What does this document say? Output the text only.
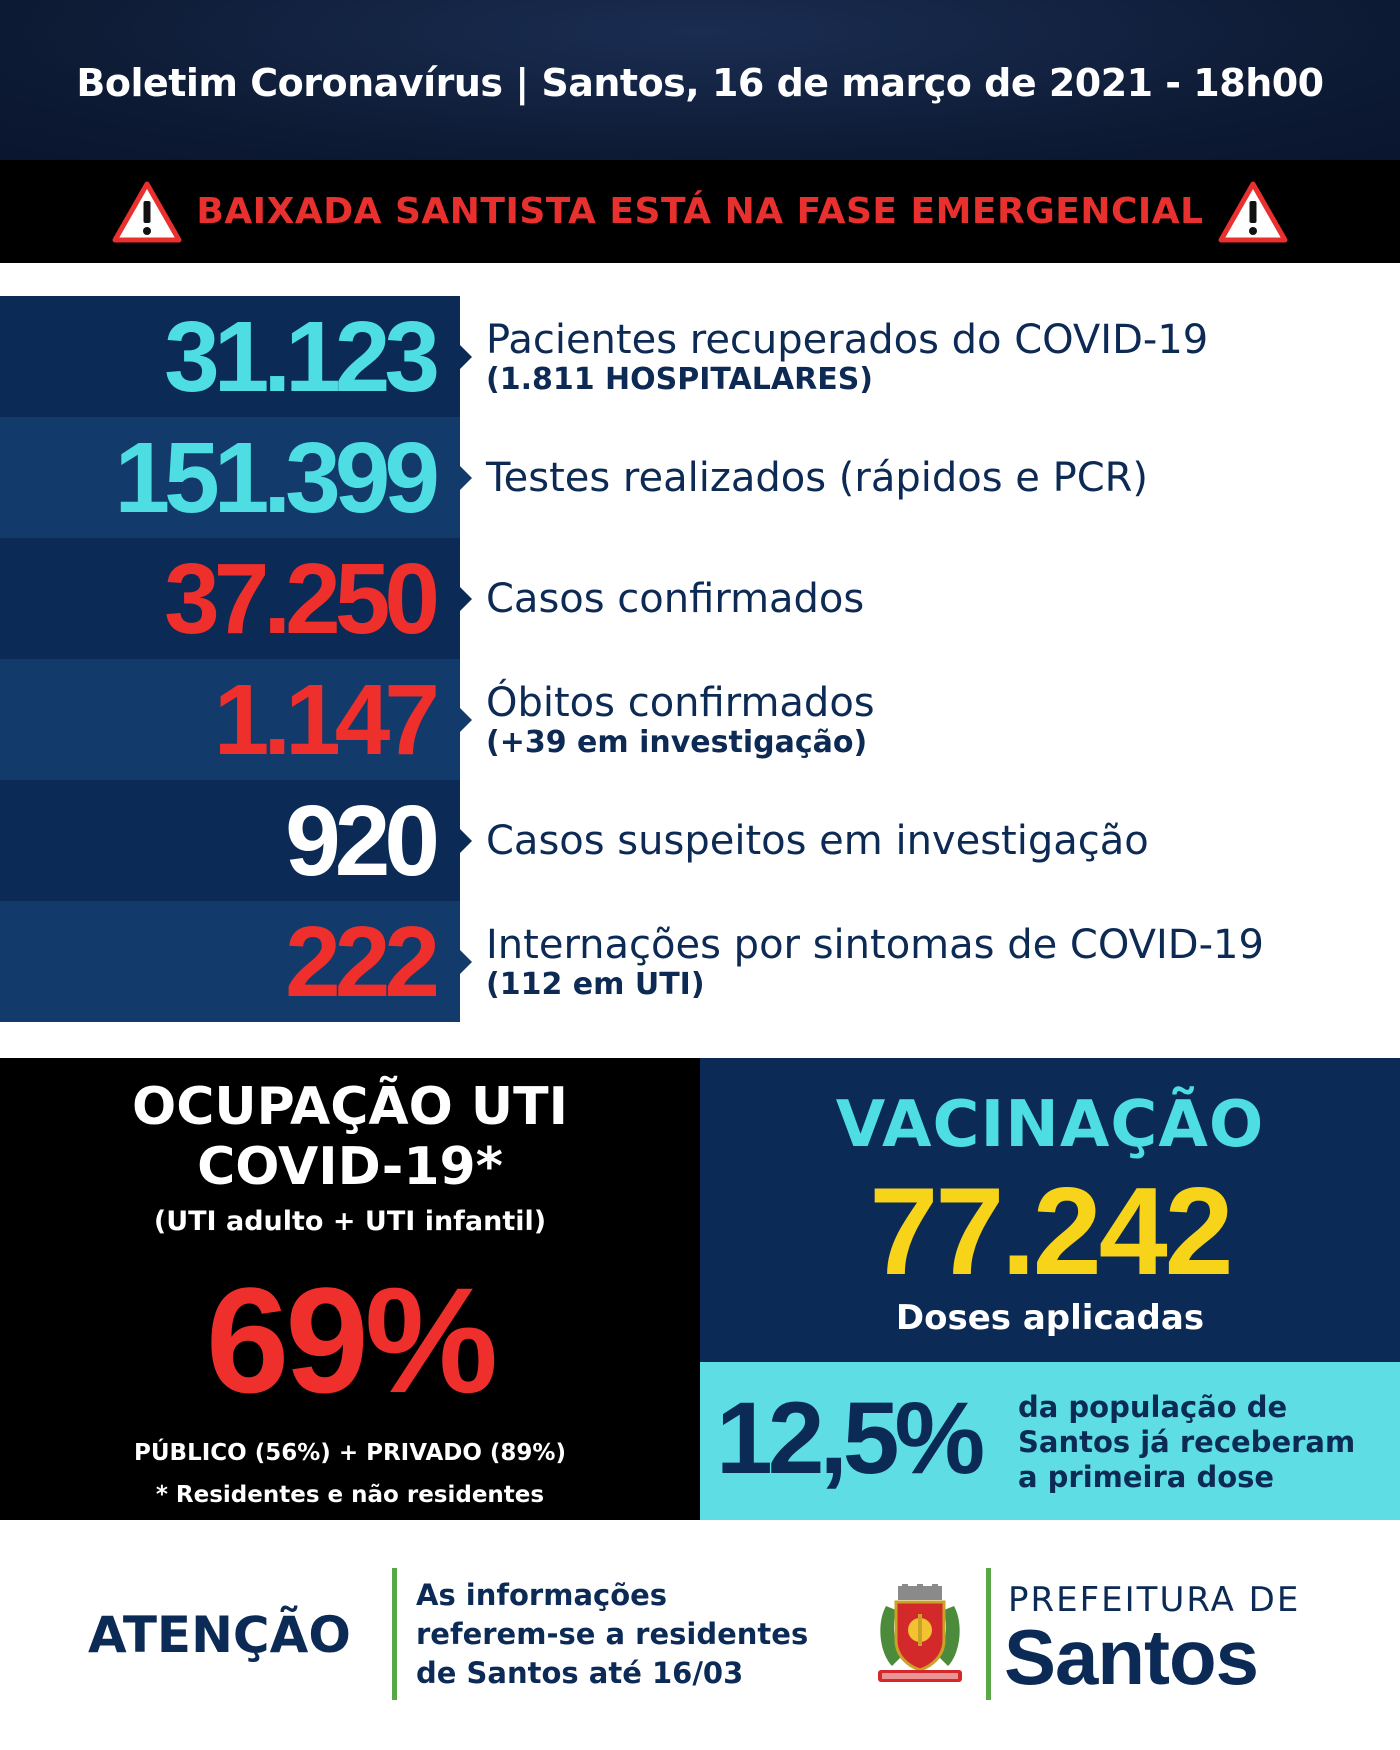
Boletim Coronavírus | Santos, 16 de março de 2021 - 18h00
BAIXADA SANTISTA ESTÁ NA FASE EMERGENCIAL
31.123 Pacientes recuperados do COVID-19
(1.811 HOSPITALARES)
151.399 Testes realizados (rápidos e PCR)
37.250 Casos confirmados
1.147 Óbitos confirmados
(+39 em investigação)
920 Casos suspeitos em investigação
222 Internações por sintomas de COVID-19
(112 em UTI)
OCUPAÇÃO UTI
COVID-19*
(UTI adulto + UTI infantil)
69%
PÚBLICO (56%) + PRIVADO (89%)
* Residentes e não residentes
VACINAÇÃO
77.242
Doses aplicadas
12,5% da população de
Santos já receberam
a primeira dose
ATENÇÃO
As informações
referem-se a residentes
de Santos até 16/03
PREFEITURA DE
Santos
